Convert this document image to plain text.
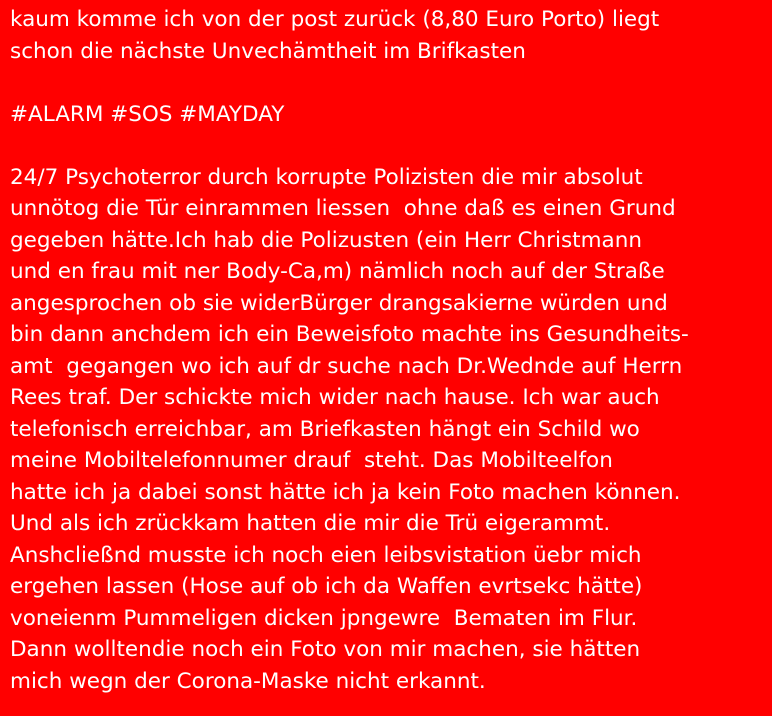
kaum komme ich von der post zurück (8,80 Euro Porto) liegt
schon die nächste Unvechämtheit im Brifkasten
#ALARM #SOS #MAYDAY
24/7 Psychoterror durch korrupte Polizisten die mir absolut
unnötog die Tür einrammen liessen  ohne daß es einen Grund
gegeben hätte.Ich hab die Polizusten (ein Herr Christmann
und en frau mit ner Body-Ca,m) nämlich noch auf der Straße
angesprochen ob sie widerBürger drangsakierne würden und
bin dann anchdem ich ein Beweisfoto machte ins Gesundheits-
amt  gegangen wo ich auf dr suche nach Dr.Wednde auf Herrn
Rees traf. Der schickte mich wider nach hause. Ich war auch
telefonisch erreichbar, am Briefkasten hängt ein Schild wo
meine Mobiltelefonnumer drauf  steht. Das Mobilteelfon
hatte ich ja dabei sonst hätte ich ja kein Foto machen können.
Und als ich zrückkam hatten die mir die Trü eigerammt.
Anshcließnd musste ich noch eien leibsvistation üebr mich
ergehen lassen (Hose auf ob ich da Waffen evrtsekc hätte)
voneienm Pummeligen dicken jpngewre  Bematen im Flur.
Dann wolltendie noch ein Foto von mir machen, sie hätten
mich wegn der Corona-Maske nicht erkannt.
